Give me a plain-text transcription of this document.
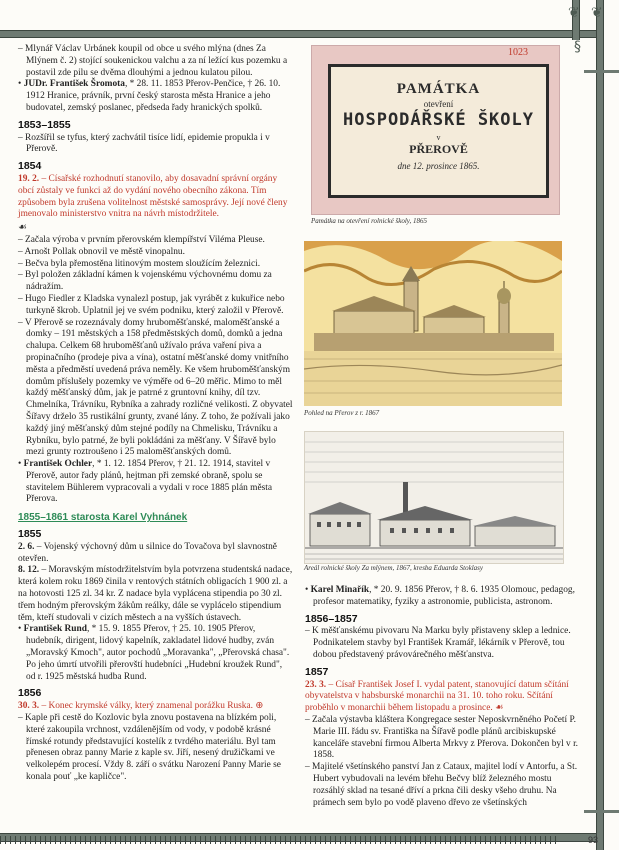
❦ ❦
§
93
– Mlynář Václav Urbánek koupil od obce u svého mlýna (dnes Za Mlýnem č. 2) stojící soukenickou valchu a za ní ležící kus pozemku a postavil zde pilu se dvěma dlouhými a jednou kulatou pilou.
• JUDr. František Šromota, * 28. 11. 1853 Přerov-Penčice, † 26. 10. 1912 Hranice, právník, první český starosta města Hranice a jeho budovatel, zemský poslanec, předseda řady hranických spolků.
1853–1855
– Rozšířil se tyfus, který zachvátil tisíce lidí, epidemie propukla i v Přerově.
1854
19. 2. – Císařské rozhodnutí stanovilo, aby dosavadní správní orgány obcí zůstaly ve funkci až do vydání nového obecního zákona. Tím způsobem byla zrušena volitelnost městské samosprávy. Její nové členy jmenovalo ministerstvo vnitra na návrh místodržitele.
☙
– Začala výroba v prvním přerovském klempířství Viléma Pleuse.
– Arnošt Pollak obnovil ve městě vinopalnu.
– Bečva byla přemostěna litinovým mostem sloužícím železnici.
– Byl položen základní kámen k vojenskému výchovnému domu za nádražím.
– Hugo Fiedler z Kladska vynalezl postup, jak vyrábět z kukuřice nebo turkyně škrob. Uplatnil jej ve svém podniku, který založil v Přerově.
– V Přerově se rozeznávaly domy hruboměšťanské, maloměšťanské a domky – 191 městských a 158 předměstských domů, domků a jedna chalupa. Celkem 68 hruboměšťanů užívalo práva vaření piva a propinačního (prodeje piva a vína), ostatní měšťanské domy vnitřního města a předměstí uvedená práva neměly. Ke všem hruboměšťanským domům příslušely pozemky ve výměře od 6–20 měřic. Mimo to měl každý měšťanský dům, jak je patrné z gruntovní knihy, díl tzv. Chmelníka, Trávníku, Rybníka a zahrady rozličné velikosti. Z obyvatel Šířavy drželo 35 rustikální grunty, zvané lány. Z toho, že požívali jako každý jiný měšťanský dům stejné podíly na Chmelisku, Trávníku a Rybníku, bylo patrné, že byli pokládáni za měšťany. V Šířavě bylo mezi grunty roztroušeno i 25 maloměšťanských domů.
• František Ochler, * 1. 12. 1854 Přerov, † 21. 12. 1914, stavitel v Přerově, autor řady plánů, hejtman při zemské obraně, spolu se stavitelem Bühlerem vypracovali a vydali v roce 1885 plán města Přerova.
1855–1861 starosta Karel Vyhnánek
1855
2. 6. – Vojenský výchovný dům u silnice do Tovačova byl slavnostně otevřen.
8. 12. – Moravským místodržitelstvím byla potvrzena studentská nadace, která kolem roku 1869 činila v rentových státních obligacích 1 900 zl. a na hotovosti 125 zl. 34 kr. Z nadace byla vyplácena stipendia po 30 zl. třem hodným přerovským žákům reálky, dále se vyplácelo stipendium těm, kteří studovali v cizích městech a na vyšších ústavech.
• František Rund, * 15. 9. 1855 Přerov, † 25. 10. 1905 Přerov, hudebník, dirigent, lidový kapelník, zakladatel lidové hudby, zván „Moravský Kmoch", autor pochodů „Moravanka", „Přerovská chasa". Po jeho úmrtí utvořili přerovští hudebníci „Hudební kroužek Rund", od r. 1925 městská hudba Rund.
1856
30. 3. – Konec krymské války, který znamenal porážku Ruska. ⊕
– Kaple při cestě do Kozlovic byla znovu postavena na blízkém poli, které zakoupila vrchnost, vzdálenějším od vody, v podobě krásné římské rotundy představující kostelík z tvrdého materiálu. Byl tam přenesen obraz panny Marie z kaple sv. Jiří, nesený družičkami ve velkolepém procesí. Vždy 8. září o svátku Narození Panny Marie se konala pouť „ke kapličce".
PAMÁTKA
otevření
HOSPODÁŘSKÉ ŠKOLY
v
PŘEROVĚ
dne 12. prosince 1865.
1023
Památka na otevření rolnické školy, 1865
Pohled na Přerov z r. 1867
Areál rolnické školy Za mlýnem, 1867, kresba Eduarda Stoklasy
• Karel Minařík, * 20. 9. 1856 Přerov, † 8. 6. 1935 Olomouc, pedagog, profesor matematiky, fyziky a astronomie, publicista, astronom.
1856–1857
– K měšťanskému pivovaru Na Marku byly přistaveny sklep a lednice. Podnikatelem stavby byl František Kramář, lékárník v Přerově, tou dobou představený právovárečného měšťanstva.
1857
23. 3. – Císař František Josef I. vydal patent, stanovující datum sčítání obyvatelstva v habsburské monarchii na 31. 10. toho roku. Sčítání proběhlo v monarchii během listopadu a prosince. ☙
– Začala výstavba kláštera Kongregace sester Neposkvrněného Početí P. Marie III. řádu sv. Františka na Šířavě podle plánů arcibiskupské kanceláře stavební firmou Alberta Mrkvy z Přerova. Dokončen byl v r. 1858.
– Majitelé všetínského panství Jan z Cataux, majitel lodí v Antorfu, a St. Hubert vybudovali na levém břehu Bečvy blíž železného mostu rozsáhlý sklad na tesané dříví a prkna čili desky všeho druhu. Na prámech sem bylo po vodě plaveno dřevo ze všetínských
